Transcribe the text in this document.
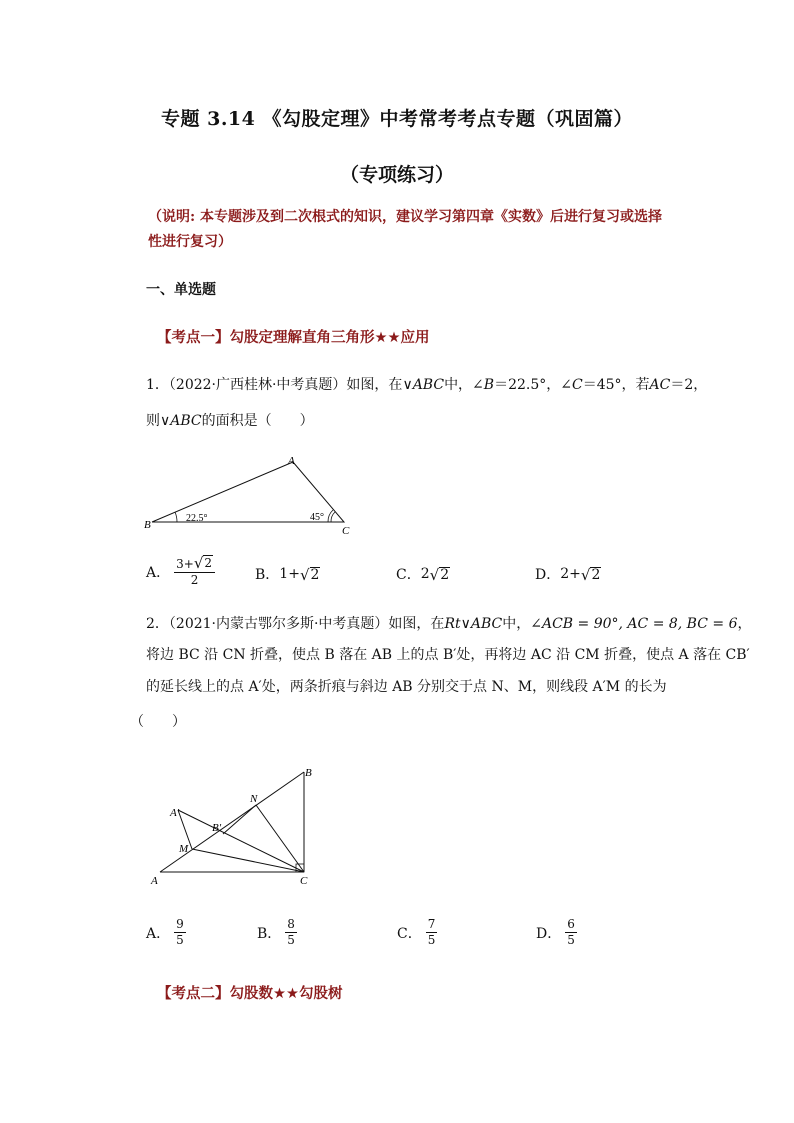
专题 3.14 《勾股定理》中考常考考点专题（巩固篇）
（专项练习）
（说明: 本专题涉及到二次根式的知识，建议学习第四章《实数》后进行复习或选择性进行复习）
一、单选题
【考点一】勾股定理解直角三角形★★应用
1．（2022·广西桂林·中考真题）如图，在∨ABC中，∠B＝22.5°，∠C＝45°，若AC＝2，
则∨ABC的面积是（　　）
A
B	C
22.5°	45°
A． $\frac{3+ √ 2}{2}$	B． 1+ √ 2	C． 2 √ 2	D． 2+ √ 2
2．（2021·内蒙古鄂尔多斯·中考真题）如图，在Rt∨ABC中，∠ACB = 90°, AC = 8, BC = 6，
将边 BC 沿 CN 折叠，使点 B 落在 AB 上的点 B′处，再将边 AC 沿 CM 折叠，使点 A 落在 CB′
的延长线上的点 A′处，两条折痕与斜边 AB 分别交于点 N、M，则线段 A′M 的长为
（　　）
A
B
C
N
M
A′
B′
A． $\frac{9}{5}$	B． $\frac{8}{5}$	C． $\frac{7}{5}$	D． $\frac{6}{5}$
【考点二】勾股数★★勾股树
